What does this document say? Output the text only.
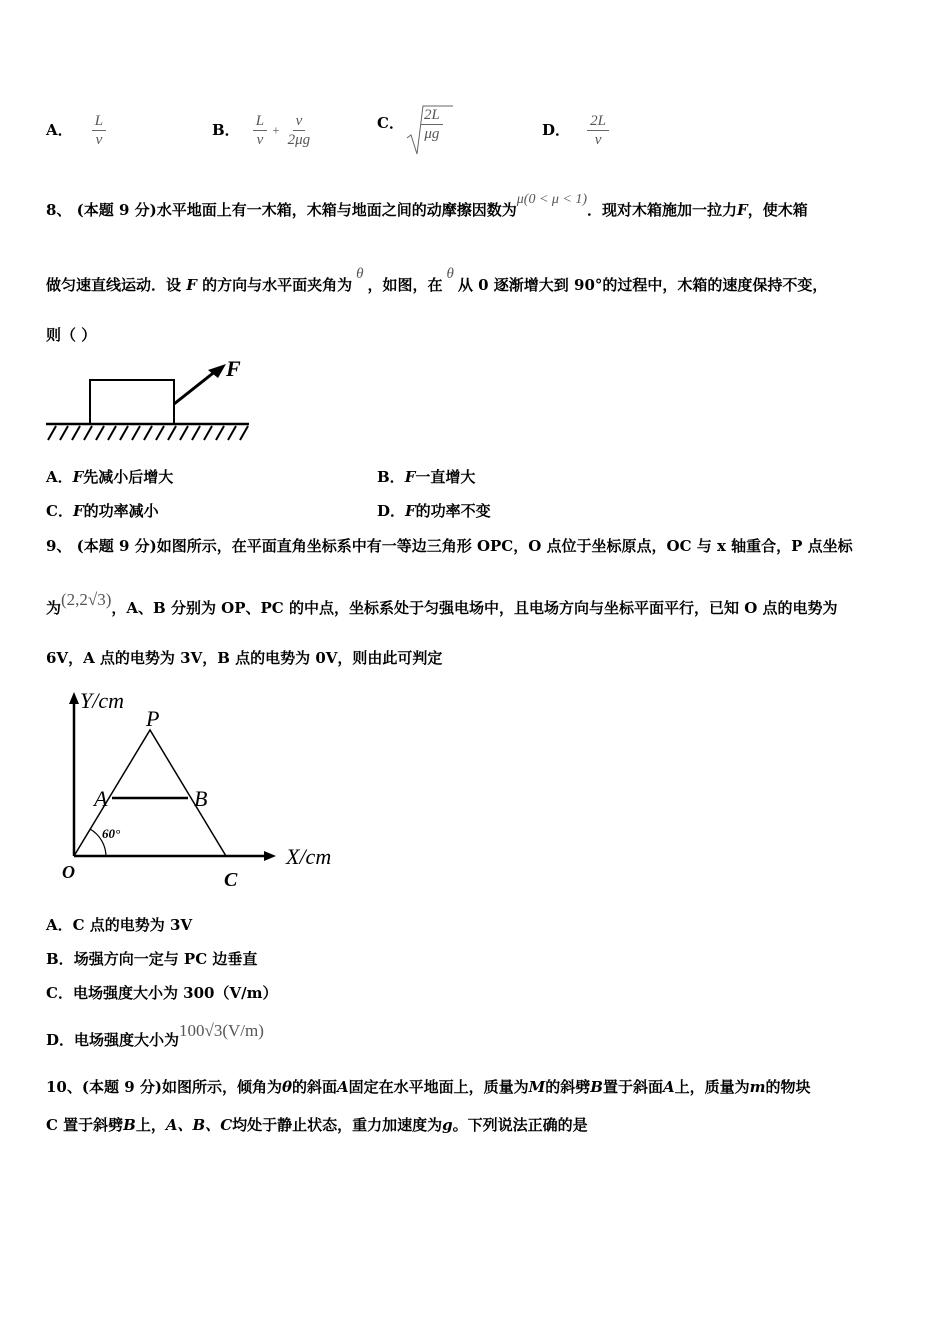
A． $\frac{L}{v}$	B． $\frac{L}{v} + \frac{v}{2\mu g}$	C． $\frac{2L}{\mu g}$	D． $\frac{2L}{v}$
8、 (本题 9 分)水平地面上有一木箱，木箱与地面之间的动摩擦因数为μ(0 < μ < 1)．现对木箱施加一拉力F，使木箱
做匀速直线运动．设 F 的方向与水平面夹角为θ，如图，在θ从 0 逐渐增大到 90°的过程中，木箱的速度保持不变，
则（ ）
F
A．F先减小后增大	B．F一直增大
C．F的功率减小	D．F的功率不变
9、 (本题 9 分)如图所示，在平面直角坐标系中有一等边三角形 OPC，O 点位于坐标原点，OC 与 x 轴重合，P 点坐标
为(2,2√3)，A、B 分别为 OP、PC 的中点，坐标系处于匀强电场中，且电场方向与坐标平面平行，已知 O 点的电势为
6V，A 点的电势为 3V，B 点的电势为 0V，则由此可判定
Y/cm
X/cm
P
A	B
O	C
60°
A．C 点的电势为 3V
B．场强方向一定与 PC 边垂直
C．电场强度大小为 300（V/m）
D．电场强度大小为100√3(V/m)
10、(本题 9 分)如图所示，倾角为θ的斜面A固定在水平地面上，质量为M的斜劈B置于斜面A上，质量为m的物块
C 置于斜劈B上，A、B、C均处于静止状态，重力加速度为g。下列说法正确的是
